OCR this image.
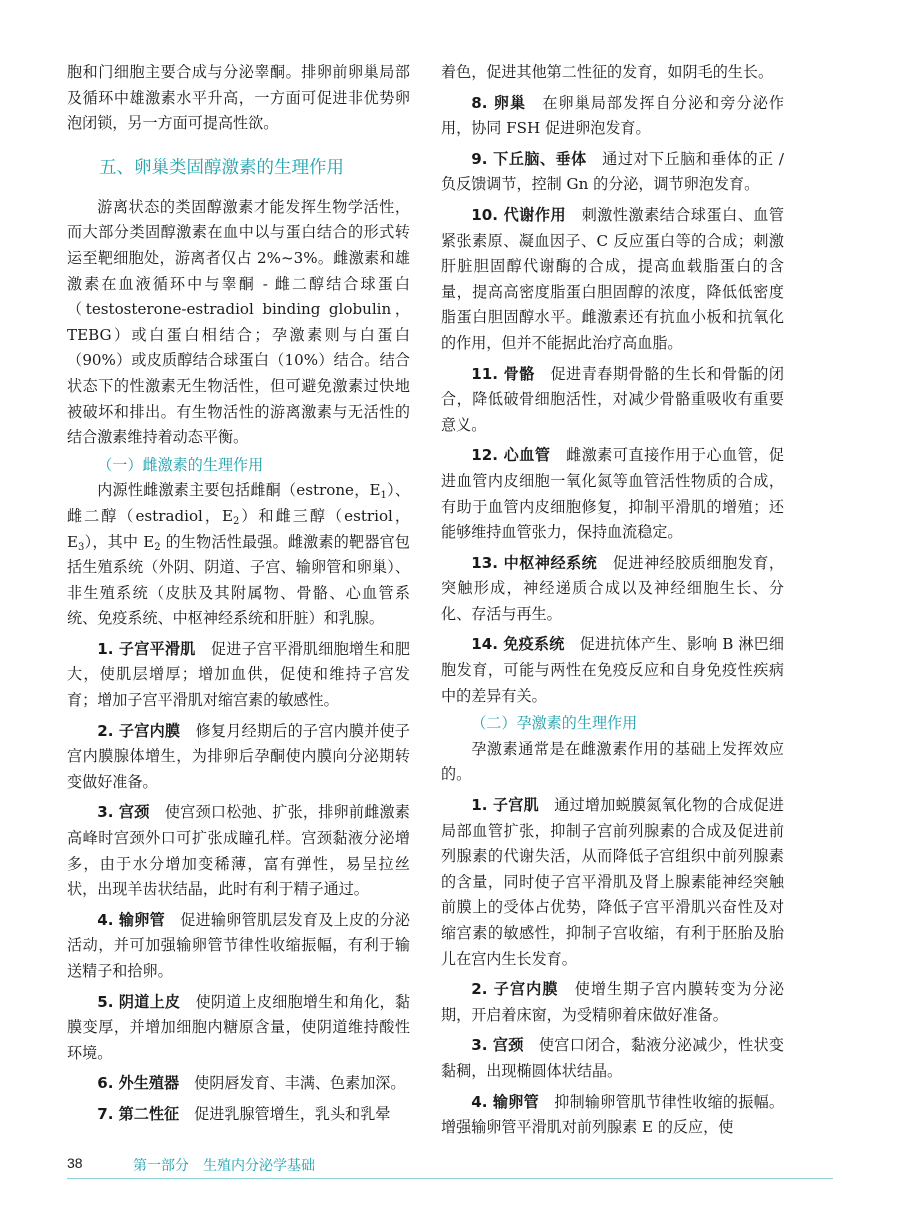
胞和门细胞主要合成与分泌睾酮。排卵前卵巢局部及循环中雄激素水平升高，一方面可促进非优势卵泡闭锁，另一方面可提高性欲。

五、卵巢类固醇激素的生理作用

游离状态的类固醇激素才能发挥生物学活性，而大部分类固醇激素在血中以与蛋白结合的形式转运至靶细胞处，游离者仅占 2%~3%。雌激素和雄激素在血液循环中与睾酮 - 雌二醇结合球蛋白（testosterone-estradiol binding globulin，TEBG）或白蛋白相结合；孕激素则与白蛋白（90%）或皮质醇结合球蛋白（10%）结合。结合状态下的性激素无生物活性，但可避免激素过快地被破坏和排出。有生物活性的游离激素与无活性的结合激素维持着动态平衡。

（一）雌激素的生理作用

内源性雌激素主要包括雌酮（estrone，$E_1$）、雌二醇（estradiol，$E_2$）和雌三醇（estriol，$E_3$），其中 $E_2$ 的生物活性最强。雌激素的靶器官包括生殖系统（外阴、阴道、子宫、输卵管和卵巢）、非生殖系统（皮肤及其附属物、骨骼、心血管系统、免疫系统、中枢神经系统和肝脏）和乳腺。

1. 子宫平滑肌　 促进子宫平滑肌细胞增生和肥大，使肌层增厚；增加血供，促使和维持子宫发育；增加子宫平滑肌对缩宫素的敏感性。

2. 子宫内膜　 修复月经期后的子宫内膜并使子宫内膜腺体增生，为排卵后孕酮使内膜向分泌期转变做好准备。

3. 宫颈　 使宫颈口松弛、扩张，排卵前雌激素高峰时宫颈外口可扩张成瞳孔样。宫颈黏液分泌增多，由于水分增加变稀薄，富有弹性，易呈拉丝状，出现羊齿状结晶，此时有利于精子通过。

4. 输卵管　 促进输卵管肌层发育及上皮的分泌活动，并可加强输卵管节律性收缩振幅，有利于输送精子和拾卵。

5. 阴道上皮　 使阴道上皮细胞增生和角化，黏膜变厚，并增加细胞内糖原含量，使阴道维持酸性环境。

6. 外生殖器　 使阴唇发育、丰满、色素加深。

7. 第二性征　 促进乳腺管增生，乳头和乳晕

着色，促进其他第二性征的发育，如阴毛的生长。

8. 卵巢　 在卵巢局部发挥自分泌和旁分泌作用，协同 FSH 促进卵泡发育。

9. 下丘脑、垂体　 通过对下丘脑和垂体的正 / 负反馈调节，控制 Gn 的分泌，调节卵泡发育。

10. 代谢作用　 刺激性激素结合球蛋白、血管紧张素原、凝血因子、C 反应蛋白等的合成；刺激肝脏胆固醇代谢酶的合成，提高血载脂蛋白的含量，提高高密度脂蛋白胆固醇的浓度，降低低密度脂蛋白胆固醇水平。雌激素还有抗血小板和抗氧化的作用，但并不能据此治疗高血脂。

11. 骨骼　 促进青春期骨骼的生长和骨骺的闭合，降低破骨细胞活性，对减少骨骼重吸收有重要意义。

12. 心血管　 雌激素可直接作用于心血管，促进血管内皮细胞一氧化氮等血管活性物质的合成，有助于血管内皮细胞修复，抑制平滑肌的增殖；还能够维持血管张力，保持血流稳定。

13. 中枢神经系统　 促进神经胶质细胞发育，突触形成，神经递质合成以及神经细胞生长、分化、存活与再生。

14. 免疫系统　 促进抗体产生、影响 B 淋巴细胞发育，可能与两性在免疫反应和自身免疫性疾病中的差异有关。

（二）孕激素的生理作用

孕激素通常是在雌激素作用的基础上发挥效应的。

1. 子宫肌　 通过增加蜕膜氮氧化物的合成促进局部血管扩张，抑制子宫前列腺素的合成及促进前列腺素的代谢失活，从而降低子宫组织中前列腺素的含量，同时使子宫平滑肌及肾上腺素能神经突触前膜上的受体占优势，降低子宫平滑肌兴奋性及对缩宫素的敏感性，抑制子宫收缩，有利于胚胎及胎儿在宫内生长发育。

2. 子宫内膜　 使增生期子宫内膜转变为分泌期，开启着床窗，为受精卵着床做好准备。

3. 宫颈　 使宫口闭合，黏液分泌减少，性状变黏稠，出现椭圆体状结晶。

4. 输卵管　 抑制输卵管肌节律性收缩的振幅。增强输卵管平滑肌对前列腺素 E 的反应，使

38	第一部分　生殖内分泌学基础
